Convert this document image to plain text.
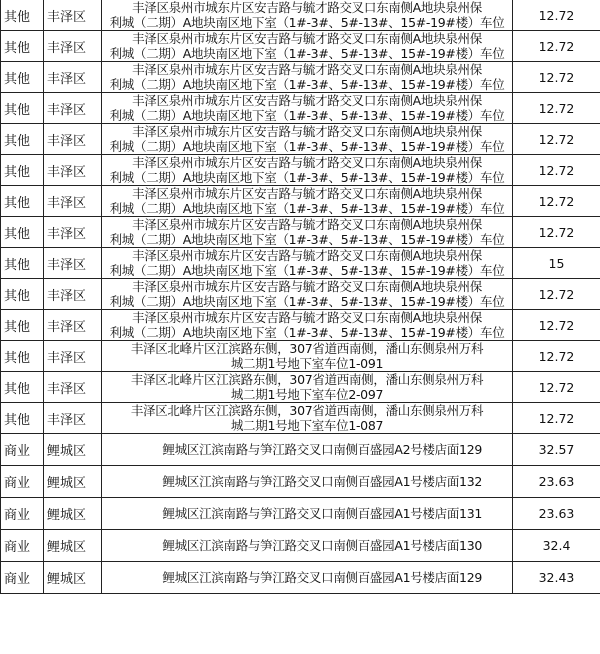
其他	丰泽区	丰泽区泉州市城东片区安吉路与毓才路交叉口东南侧A地块泉州保
利城（二期）A地块南区地下室（1#-3#、5#-13#、15#-19#楼）车位	12.72
其他	丰泽区	丰泽区泉州市城东片区安吉路与毓才路交叉口东南侧A地块泉州保
利城（二期）A地块南区地下室（1#-3#、5#-13#、15#-19#楼）车位	12.72
其他	丰泽区	丰泽区泉州市城东片区安吉路与毓才路交叉口东南侧A地块泉州保
利城（二期）A地块南区地下室（1#-3#、5#-13#、15#-19#楼）车位	12.72
其他	丰泽区	丰泽区泉州市城东片区安吉路与毓才路交叉口东南侧A地块泉州保
利城（二期）A地块南区地下室（1#-3#、5#-13#、15#-19#楼）车位	12.72
其他	丰泽区	丰泽区泉州市城东片区安吉路与毓才路交叉口东南侧A地块泉州保
利城（二期）A地块南区地下室（1#-3#、5#-13#、15#-19#楼）车位	12.72
其他	丰泽区	丰泽区泉州市城东片区安吉路与毓才路交叉口东南侧A地块泉州保
利城（二期）A地块南区地下室（1#-3#、5#-13#、15#-19#楼）车位	12.72
其他	丰泽区	丰泽区泉州市城东片区安吉路与毓才路交叉口东南侧A地块泉州保
利城（二期）A地块南区地下室（1#-3#、5#-13#、15#-19#楼）车位	12.72
其他	丰泽区	丰泽区泉州市城东片区安吉路与毓才路交叉口东南侧A地块泉州保
利城（二期）A地块南区地下室（1#-3#、5#-13#、15#-19#楼）车位	12.72
其他	丰泽区	丰泽区泉州市城东片区安吉路与毓才路交叉口东南侧A地块泉州保
利城（二期）A地块南区地下室（1#-3#、5#-13#、15#-19#楼）车位	15
其他	丰泽区	丰泽区泉州市城东片区安吉路与毓才路交叉口东南侧A地块泉州保
利城（二期）A地块南区地下室（1#-3#、5#-13#、15#-19#楼）车位	12.72
其他	丰泽区	丰泽区泉州市城东片区安吉路与毓才路交叉口东南侧A地块泉州保
利城（二期）A地块南区地下室（1#-3#、5#-13#、15#-19#楼）车位	12.72
其他	丰泽区	丰泽区北峰片区江滨路东侧，307省道西南侧，潘山东侧泉州万科
城二期1号地下室车位1-091	12.72
其他	丰泽区	丰泽区北峰片区江滨路东侧，307省道西南侧，潘山东侧泉州万科
城二期1号地下室车位2-097	12.72
其他	丰泽区	丰泽区北峰片区江滨路东侧，307省道西南侧，潘山东侧泉州万科
城二期1号地下室车位1-087	12.72
商业	鲤城区	鲤城区江滨南路与笋江路交叉口南侧百盛园A2号楼店面129	32.57
商业	鲤城区	鲤城区江滨南路与笋江路交叉口南侧百盛园A1号楼店面132	23.63
商业	鲤城区	鲤城区江滨南路与笋江路交叉口南侧百盛园A1号楼店面131	23.63
商业	鲤城区	鲤城区江滨南路与笋江路交叉口南侧百盛园A1号楼店面130	32.4
商业	鲤城区	鲤城区江滨南路与笋江路交叉口南侧百盛园A1号楼店面129	32.43
